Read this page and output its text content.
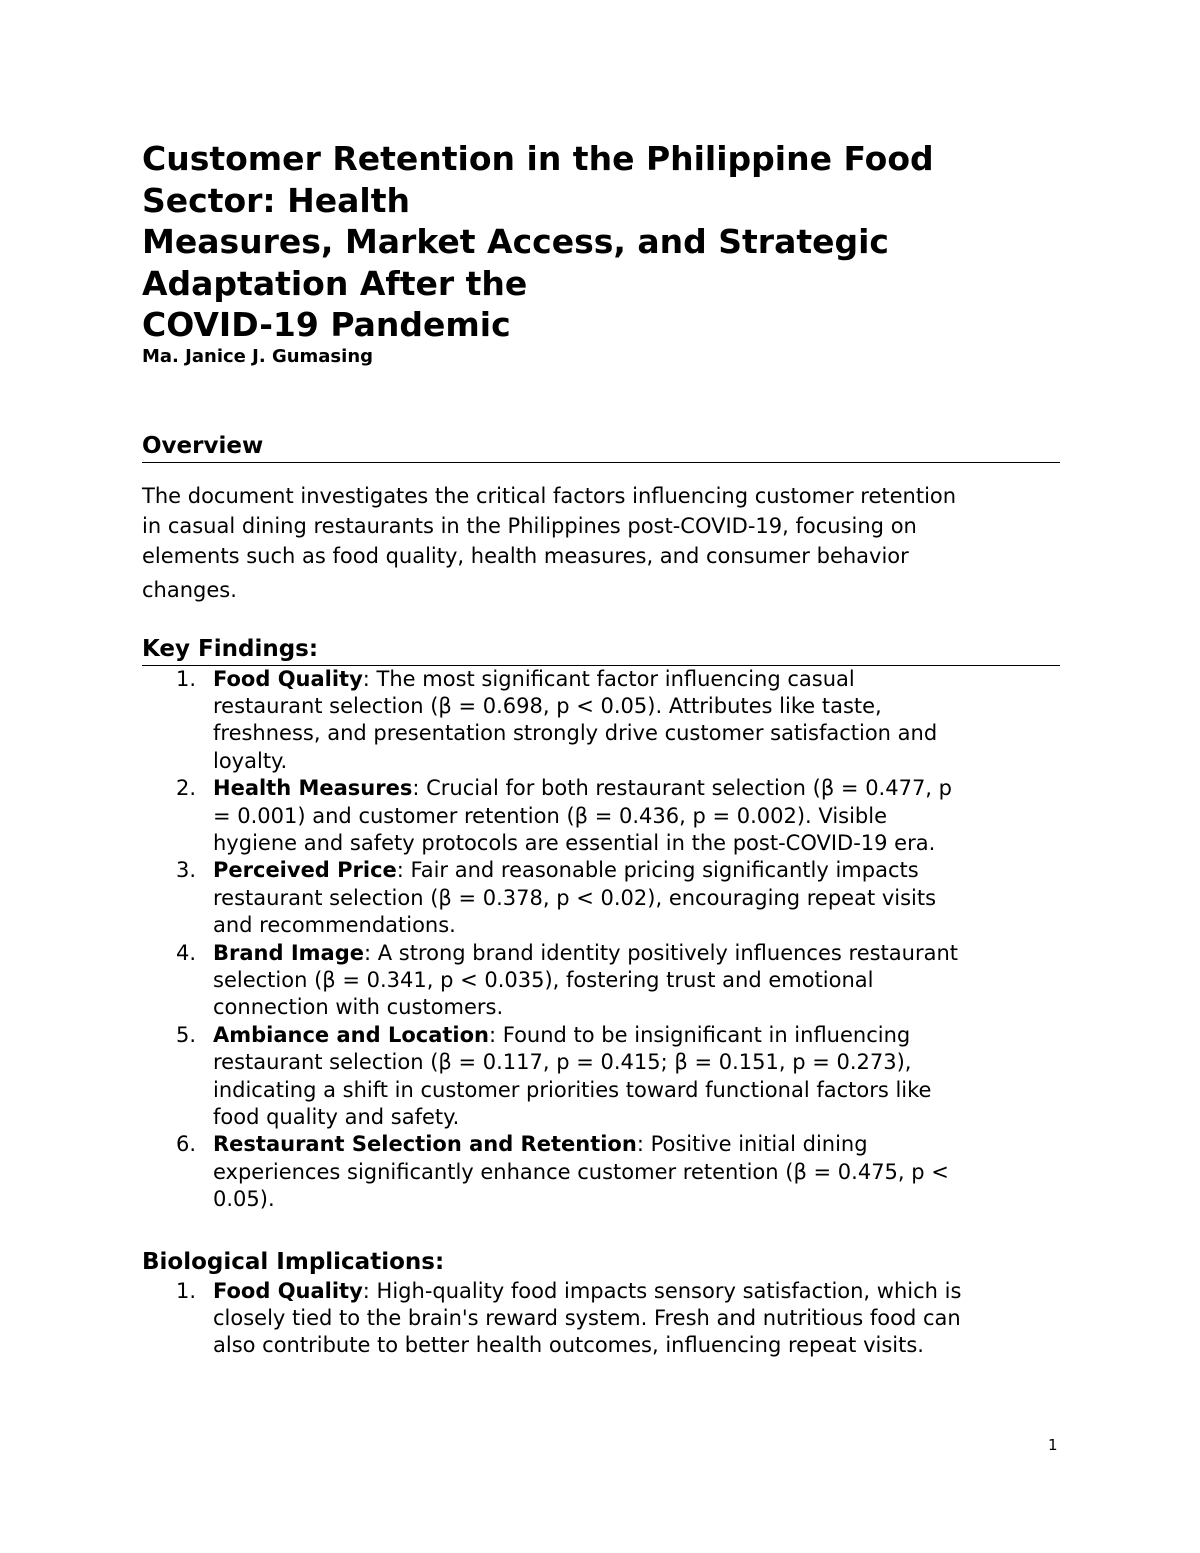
Customer Retention in the Philippine Food
Sector: Health
Measures, Market Access, and Strategic
Adaptation After the
COVID-19 Pandemic

Ma. Janice J. Gumasing

Overview

The document investigates the critical factors influencing customer retention
in casual dining restaurants in the Philippines post-COVID-19, focusing on
elements such as food quality, health measures, and consumer behavior
changes.

Key Findings:
1. Food Quality: The most significant factor influencing casual
restaurant selection (β = 0.698, p < 0.05). Attributes like taste,
freshness, and presentation strongly drive customer satisfaction and
loyalty.
2. Health Measures: Crucial for both restaurant selection (β = 0.477, p
= 0.001) and customer retention (β = 0.436, p = 0.002). Visible
hygiene and safety protocols are essential in the post-COVID-19 era.
3. Perceived Price: Fair and reasonable pricing significantly impacts
restaurant selection (β = 0.378, p < 0.02), encouraging repeat visits
and recommendations.
4. Brand Image: A strong brand identity positively influences restaurant
selection (β = 0.341, p < 0.035), fostering trust and emotional
connection with customers.
5. Ambiance and Location: Found to be insignificant in influencing
restaurant selection (β = 0.117, p = 0.415; β = 0.151, p = 0.273),
indicating a shift in customer priorities toward functional factors like
food quality and safety.
6. Restaurant Selection and Retention: Positive initial dining
experiences significantly enhance customer retention (β = 0.475, p <
0.05).
Biological Implications:
1. Food Quality: High-quality food impacts sensory satisfaction, which is
closely tied to the brain's reward system. Fresh and nutritious food can
also contribute to better health outcomes, influencing repeat visits.
1
